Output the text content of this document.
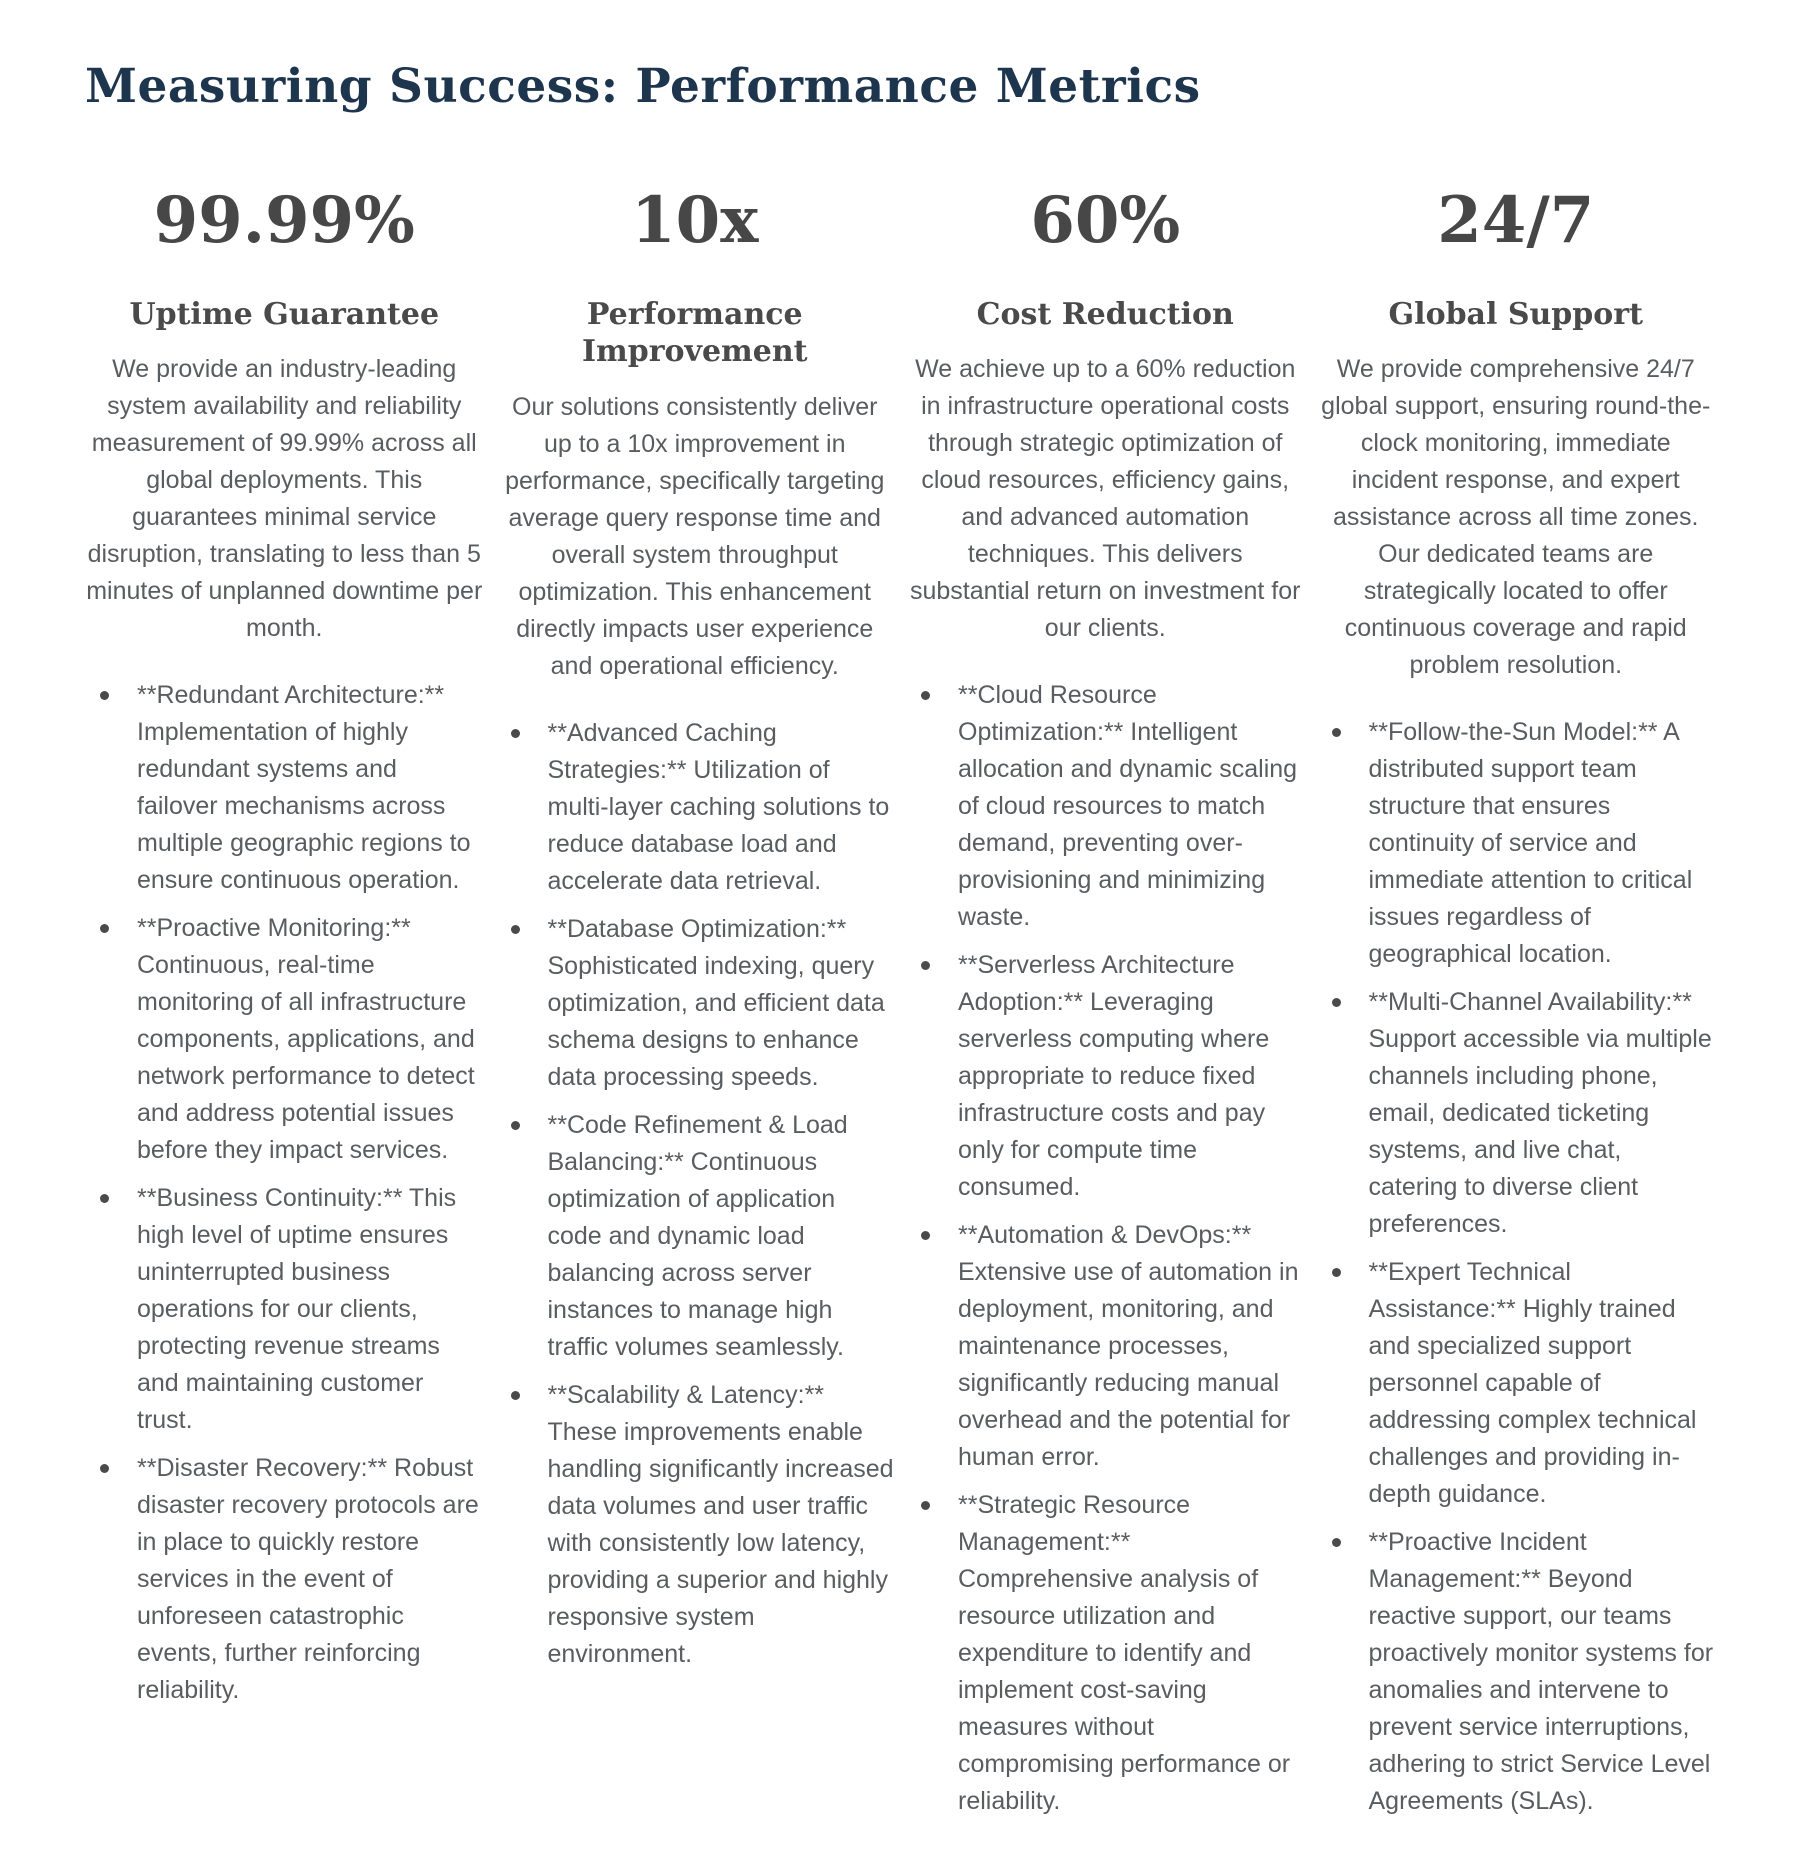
Measuring Success: Performance Metrics
99.99%
Uptime Guarantee
We provide an industry-leading system availability and reliability measurement of 99.99% across all global deployments. This guarantees minimal service disruption, translating to less than 5 minutes of unplanned downtime per month.
**Redundant Architecture:** Implementation of highly redundant systems and failover mechanisms across multiple geographic regions to ensure continuous operation.
**Proactive Monitoring:** Continuous, real-time monitoring of all infrastructure components, applications, and network performance to detect and address potential issues before they impact services.
**Business Continuity:** This high level of uptime ensures uninterrupted business operations for our clients, protecting revenue streams and maintaining customer trust.
**Disaster Recovery:** Robust disaster recovery protocols are in place to quickly restore services in the event of unforeseen catastrophic events, further reinforcing reliability.
10x
Performance Improvement
Our solutions consistently deliver up to a 10x improvement in performance, specifically targeting average query response time and overall system throughput optimization. This enhancement directly impacts user experience and operational efficiency.
**Advanced Caching Strategies:** Utilization of multi-layer caching solutions to reduce database load and accelerate data retrieval.
**Database Optimization:** Sophisticated indexing, query optimization, and efficient data schema designs to enhance data processing speeds.
**Code Refinement & Load Balancing:** Continuous optimization of application code and dynamic load balancing across server instances to manage high traffic volumes seamlessly.
**Scalability & Latency:** These improvements enable handling significantly increased data volumes and user traffic with consistently low latency, providing a superior and highly responsive system environment.
60%
Cost Reduction
We achieve up to a 60% reduction in infrastructure operational costs through strategic optimization of cloud resources, efficiency gains, and advanced automation techniques. This delivers substantial return on investment for our clients.
**Cloud Resource Optimization:** Intelligent allocation and dynamic scaling of cloud resources to match demand, preventing over-provisioning and minimizing waste.
**Serverless Architecture Adoption:** Leveraging serverless computing where appropriate to reduce fixed infrastructure costs and pay only for compute time consumed.
**Automation & DevOps:** Extensive use of automation in deployment, monitoring, and maintenance processes, significantly reducing manual overhead and the potential for human error.
**Strategic Resource Management:** Comprehensive analysis of resource utilization and expenditure to identify and implement cost-saving measures without compromising performance or reliability.
24/7
Global Support
We provide comprehensive 24/7 global support, ensuring round-the-clock monitoring, immediate incident response, and expert assistance across all time zones. Our dedicated teams are strategically located to offer continuous coverage and rapid problem resolution.
**Follow-the-Sun Model:** A distributed support team structure that ensures continuity of service and immediate attention to critical issues regardless of geographical location.
**Multi-Channel Availability:** Support accessible via multiple channels including phone, email, dedicated ticketing systems, and live chat, catering to diverse client preferences.
**Expert Technical Assistance:** Highly trained and specialized support personnel capable of addressing complex technical challenges and providing in-depth guidance.
**Proactive Incident Management:** Beyond reactive support, our teams proactively monitor systems for anomalies and intervene to prevent service interruptions, adhering to strict Service Level Agreements (SLAs).
